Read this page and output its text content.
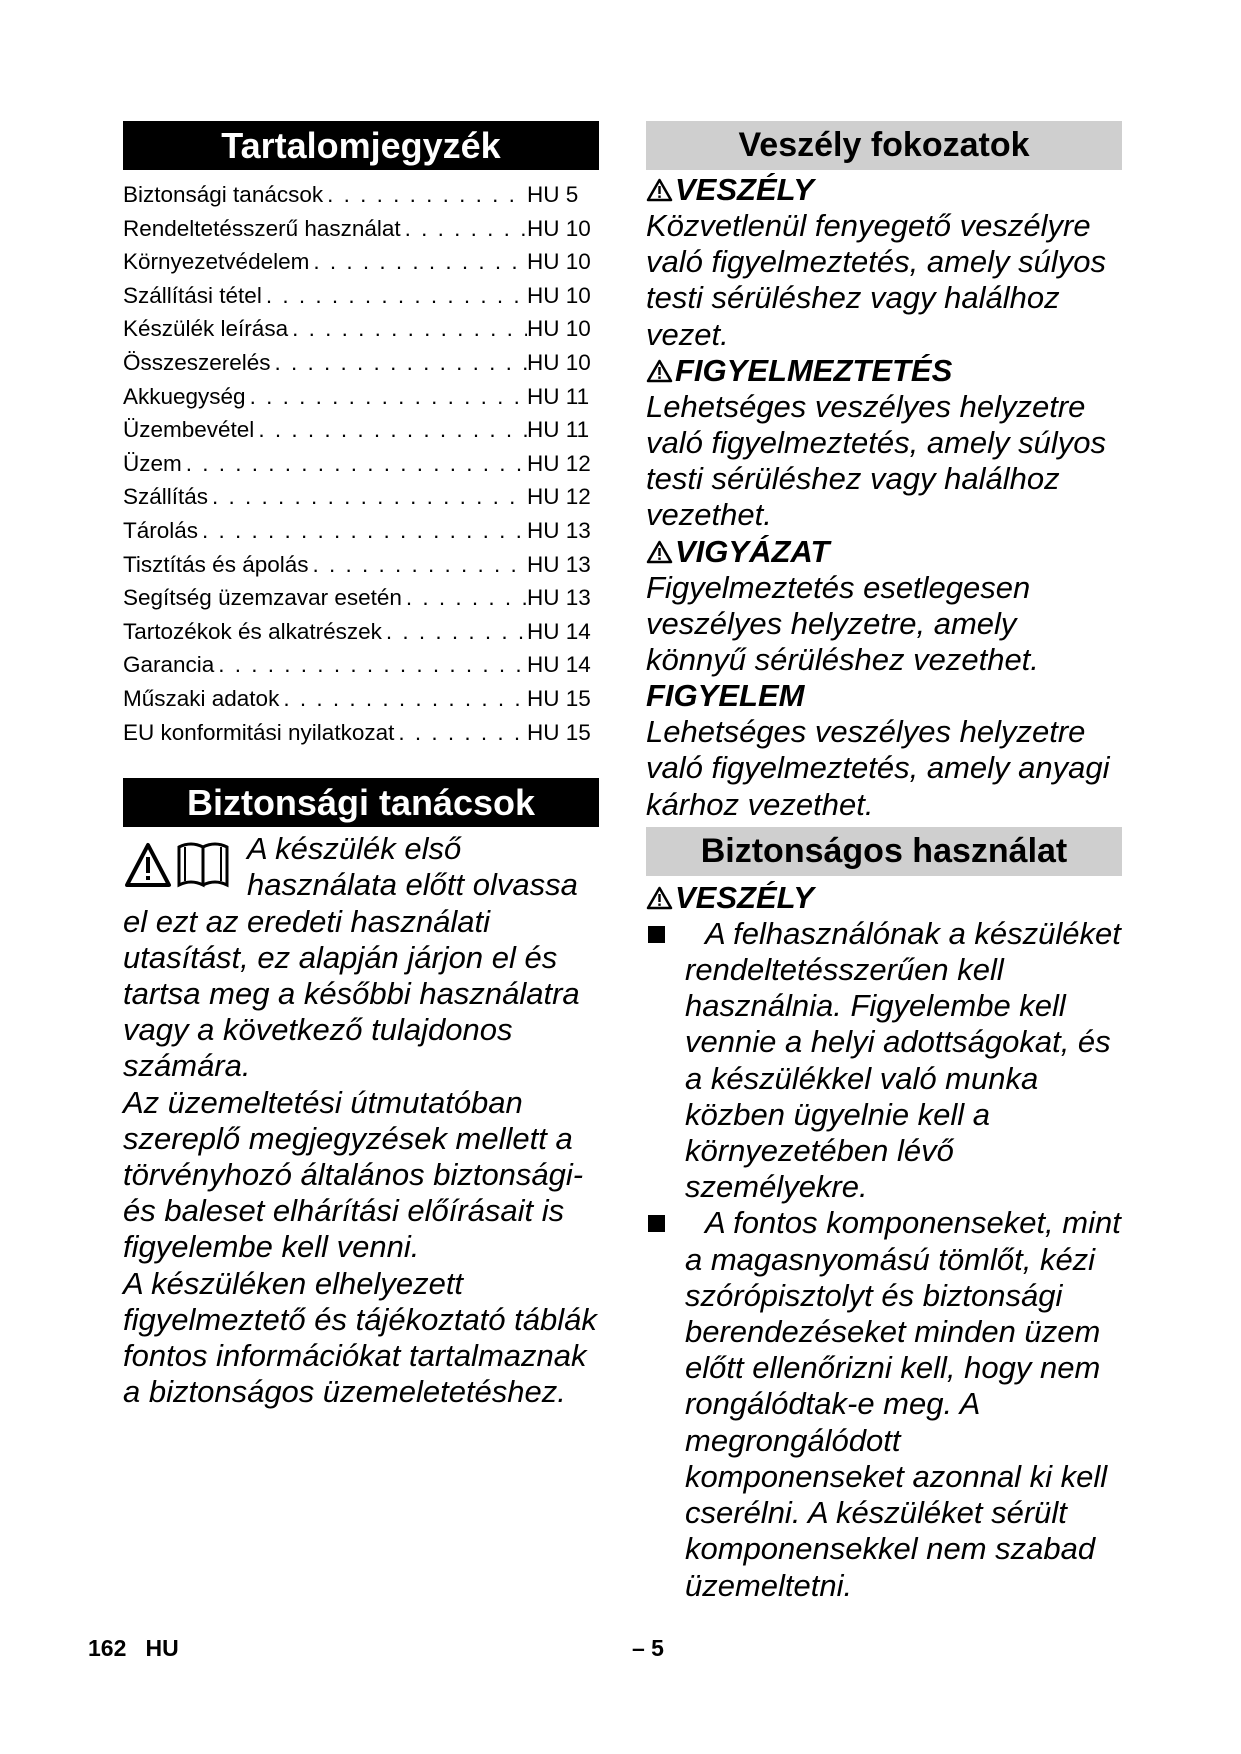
Tartalomjegyzék
Biztonsági tanácsok . . .	HU 5
Rendeltetésszerű használat . . .	HU 10
Környezetvédelem . . .	HU 10
Szállítási tétel . . .	HU 10
Készülék leírása . . .	HU 10
Összeszerelés . . .	HU 10
Akkuegység . . .	HU 11
Üzembevétel . . .	HU 11
Üzem . . .	HU 12
Szállítás . . .	HU 12
Tárolás . . .	HU 13
Tisztítás és ápolás . . .	HU 13
Segítség üzemzavar esetén . . .	HU 13
Tartozékok és alkatrészek . . .	HU 14
Garancia . . .	HU 14
Műszaki adatok . . .	HU 15
EU konformitási nyilatkozat . . .	HU 15
Biztonsági tanácsok

A készülék első használata előtt olvassa el ezt az eredeti használati utasítást, ez alapján járjon el és tartsa meg a későbbi használatra vagy a következő tulajdonos számára.

Az üzemeltetési útmutatóban szereplő megjegyzések mellett a törvényhozó általános biztonsági- és baleset elhárítási előírásait is figyelembe kell venni.

A készüléken elhelyezett figyelmeztető és tájékoztató táblák fontos információkat tartalmaznak a biztonságos üzemeletetéshez.

Veszély fokozatok

VESZÉLY

Közvetlenül fenyegető veszélyre való figyelmeztetés, amely súlyos testi sérüléshez vagy halálhoz vezet.

FIGYELMEZTETÉS

Lehetséges veszélyes helyzetre való figyelmeztetés, amely súlyos testi sérüléshez vagy halálhoz vezethet.

VIGYÁZAT

Figyelmeztetés esetlegesen veszélyes helyzetre, amely könnyű sérüléshez vezethet.

FIGYELEM

Lehetséges veszélyes helyzetre való figyelmeztetés, amely anyagi kárhoz vezethet.

Biztonságos használat

VESZÉLY

A felhasználónak a készüléket rendeltetésszerűen kell használnia. Figyelembe kell vennie a helyi adottságokat, és a készülékkel való munka közben ügyelnie kell a környezetében lévő személyekre.
A fontos komponenseket, mint a magasnyomású tömlőt, kézi szórópisztolyt és biztonsági berendezéseket minden üzem előtt ellenőrizni kell, hogy nem rongálódtak-e meg. A megrongálódott komponenseket azonnal ki kell cserélni. A készüléket sérült komponensekkel nem szabad üzemeltetni.
162 HU	– 5
